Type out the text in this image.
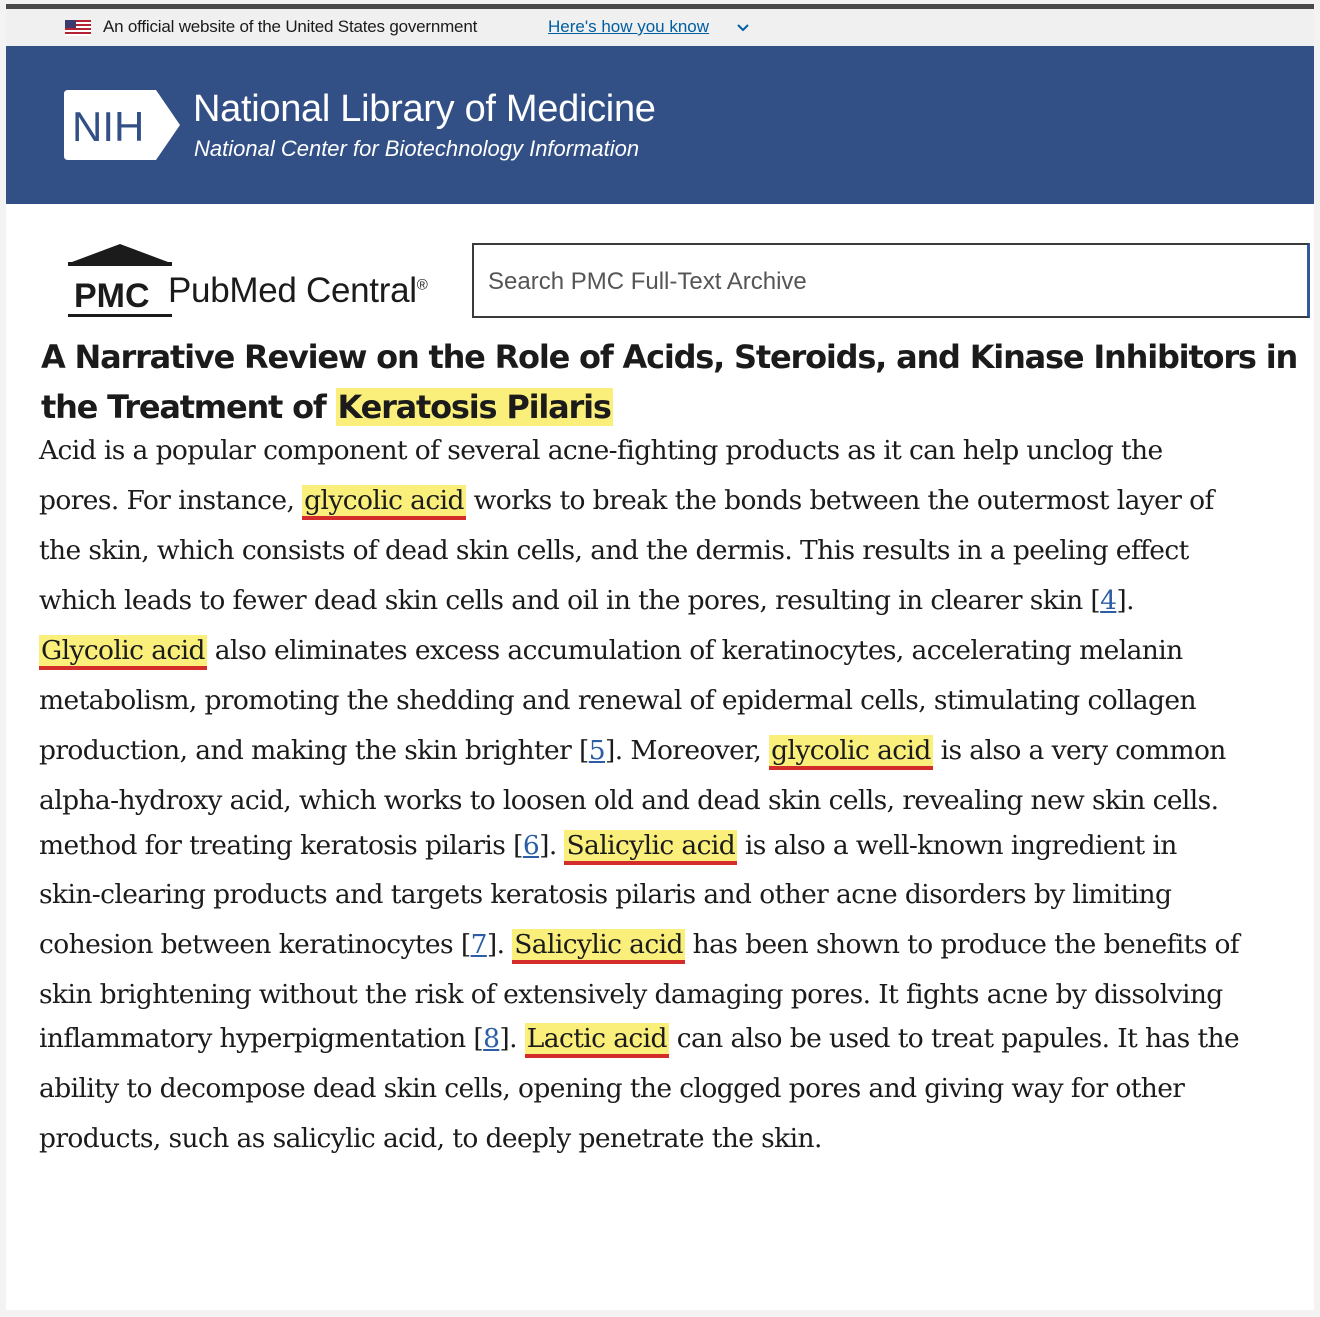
An official website of the United States government	Here's how you know
NIH National Library of Medicine
National Center for Biotechnology Information
PMC PubMed Central®
Search PMC Full-Text Archive
A Narrative Review on the Role of Acids, Steroids, and Kinase Inhibitors in
the Treatment of Keratosis Pilaris
Acid is a popular component of several acne-fighting products as it can help unclog the
pores. For instance, glycolic acid works to break the bonds between the outermost layer of
the skin, which consists of dead skin cells, and the dermis. This results in a peeling effect
which leads to fewer dead skin cells and oil in the pores, resulting in clearer skin [4].
Glycolic acid also eliminates excess accumulation of keratinocytes, accelerating melanin
metabolism, promoting the shedding and renewal of epidermal cells, stimulating collagen
production, and making the skin brighter [5]. Moreover, glycolic acid is also a very common
alpha-hydroxy acid, which works to loosen old and dead skin cells, revealing new skin cells.
method for treating keratosis pilaris [6]. Salicylic acid is also a well-known ingredient in
skin-clearing products and targets keratosis pilaris and other acne disorders by limiting
cohesion between keratinocytes [7]. Salicylic acid has been shown to produce the benefits of
skin brightening without the risk of extensively damaging pores. It fights acne by dissolving
inflammatory hyperpigmentation [8]. Lactic acid can also be used to treat papules. It has the
ability to decompose dead skin cells, opening the clogged pores and giving way for other
products, such as salicylic acid, to deeply penetrate the skin.
